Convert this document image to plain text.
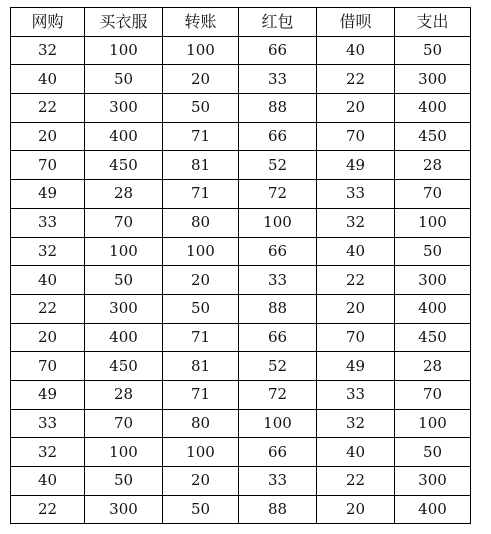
网购	买衣服	转账	红包	借呗	支出
32	100	100	66	40	50
40	50	20	33	22	300
22	300	50	88	20	400
20	400	71	66	70	450
70	450	81	52	49	28
49	28	71	72	33	70
33	70	80	100	32	100
32	100	100	66	40	50
40	50	20	33	22	300
22	300	50	88	20	400
20	400	71	66	70	450
70	450	81	52	49	28
49	28	71	72	33	70
33	70	80	100	32	100
32	100	100	66	40	50
40	50	20	33	22	300
22	300	50	88	20	400
